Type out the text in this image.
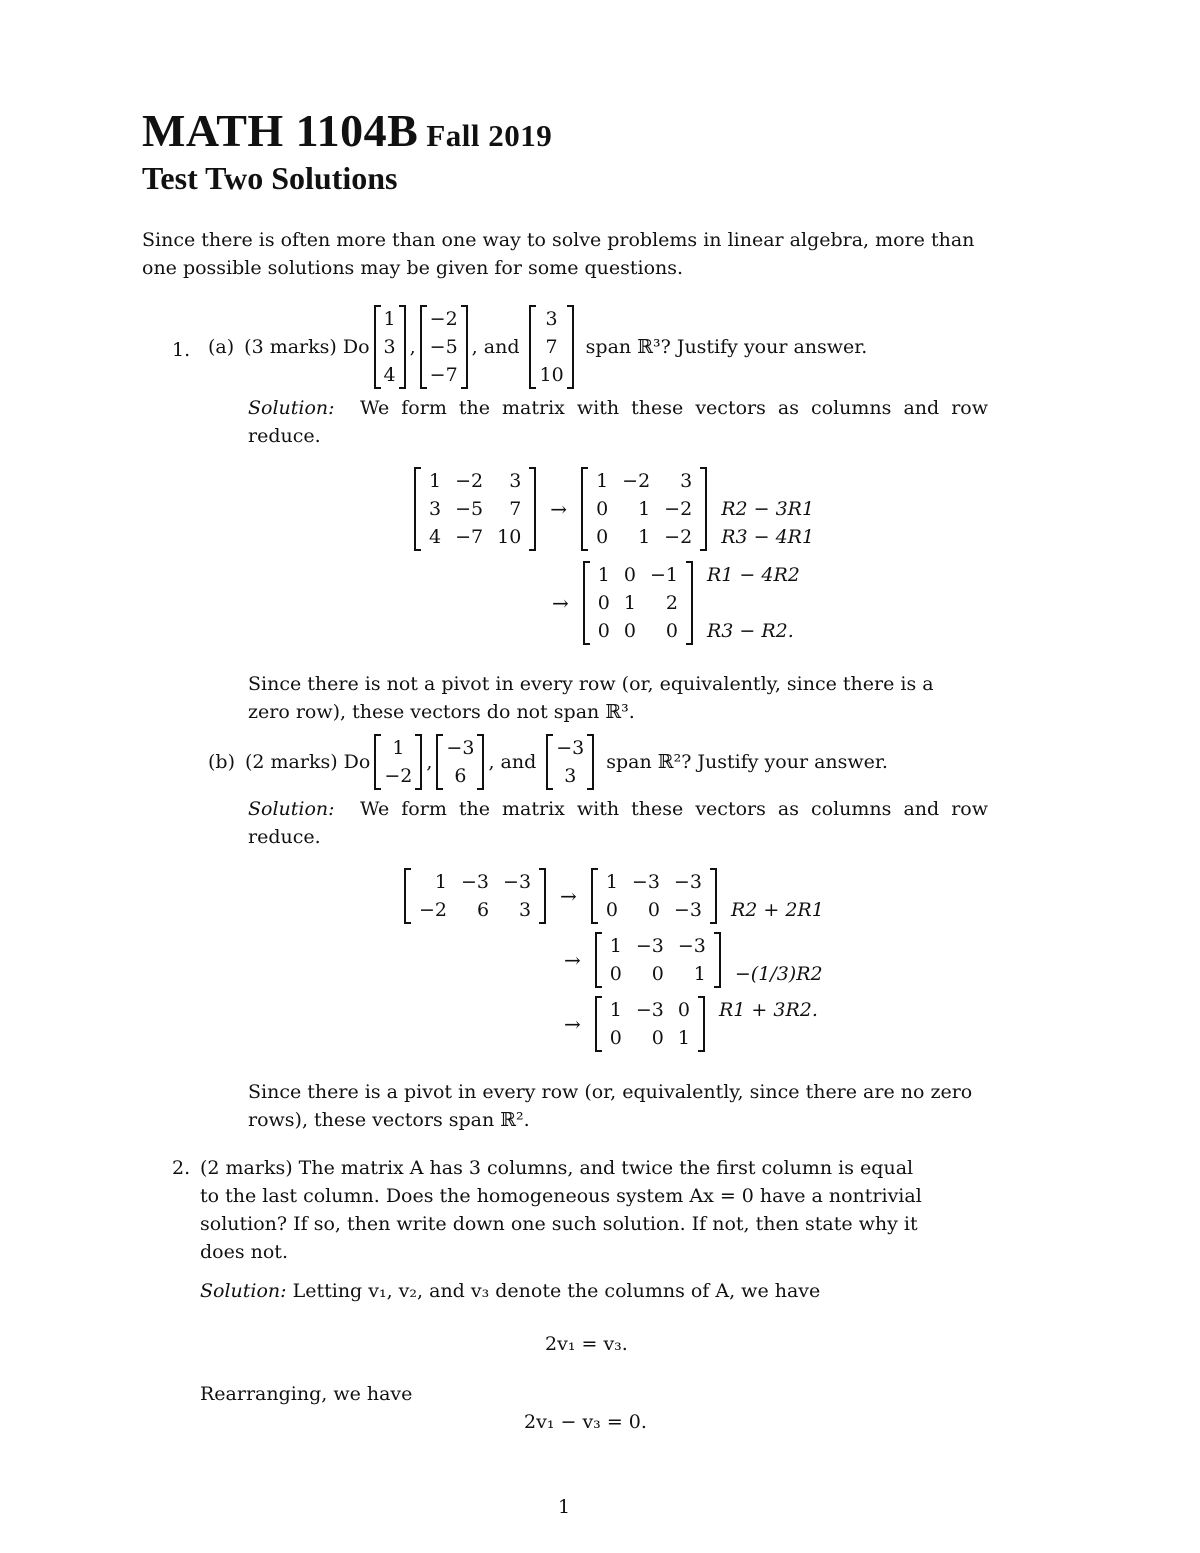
MATH 1104B Fall 2019
Test Two Solutions
Since there is often more than one way to solve problems in linear algebra, more than
one possible solutions may be given for some questions.
1. (a) (3 marks) Do
1
3
4
,
−2
−5
−7
, and
3
7
10
span ℝ³? Justify your answer.
Solution: We form the matrix with these vectors as columns and row
reduce.
1	−2	3
3	−5	7
4	−7	10
→
1	−2	3
0	1	−2
0	1	−2
R2 − 3R1
R3 − 4R1
→
1	0	−1
0	1	2
0	0	0
R1 − 4R2
R3 − R2.
Since there is not a pivot in every row (or, equivalently, since there is a
zero row), these vectors do not span ℝ³.
(b) (2 marks) Do
1
−2
,
−3
6
, and
−3
3
span ℝ²? Justify your answer.
Solution: We form the matrix with these vectors as columns and row
reduce.
1	−3	−3
−2	6	3
→
1	−3	−3
0	0	−3 R2 + 2R1
→
1	−3	−3
0	0	1 −(1/3)R2
→
1	−3	0
0	0	1
R1 + 3R2.
Since there is a pivot in every row (or, equivalently, since there are no zero
rows), these vectors span ℝ².
2. (2 marks) The matrix A has 3 columns, and twice the first column is equal
to the last column. Does the homogeneous system Ax = 0 have a nontrivial
solution? If so, then write down one such solution. If not, then state why it
does not.
Solution: Letting v₁, v₂, and v₃ denote the columns of A, we have
2v₁ = v₃.
Rearranging, we have
2v₁ − v₃ = 0.
1
